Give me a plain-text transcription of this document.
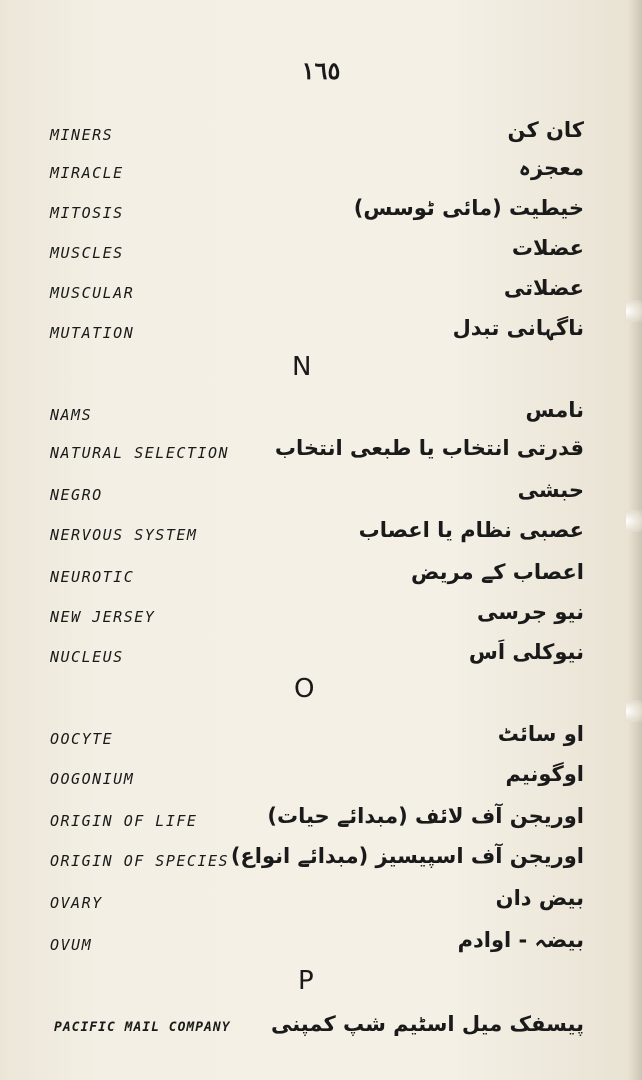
١٦٥
MINERS	کان کن
MIRACLE	معجزہ
MITOSIS	خیطیت (مائی ٹوسس)
MUSCLES	عضلات
MUSCULAR	عضلاتی
MUTATION	ناگہانی تبدل
N
NAMS	نامس
NATURAL SELECTION قدرتی انتخاب یا طبعی انتخاب
NEGRO	حبشی
NERVOUS SYSTEM	عصبی نظام یا اعصاب
NEUROTIC	اعصاب کے مریض
NEW JERSEY	نیو جرسی
NUCLEUS	نیوکلی اَس
O
OOCYTE	او سائٹ
OOGONIUM	اوگونیم
ORIGIN OF LIFE	اوریجن آف لائف (مبدائے حیات)
ORIGIN OF SPECIES اوریجن آف اسپیسیز (مبدائے انواع)
OVARY	بیض دان
OVUM	بیضہ - اوادم
P
PACIFIC MAIL COMPANY پیسفک میل اسٹیم شپ کمپنی
